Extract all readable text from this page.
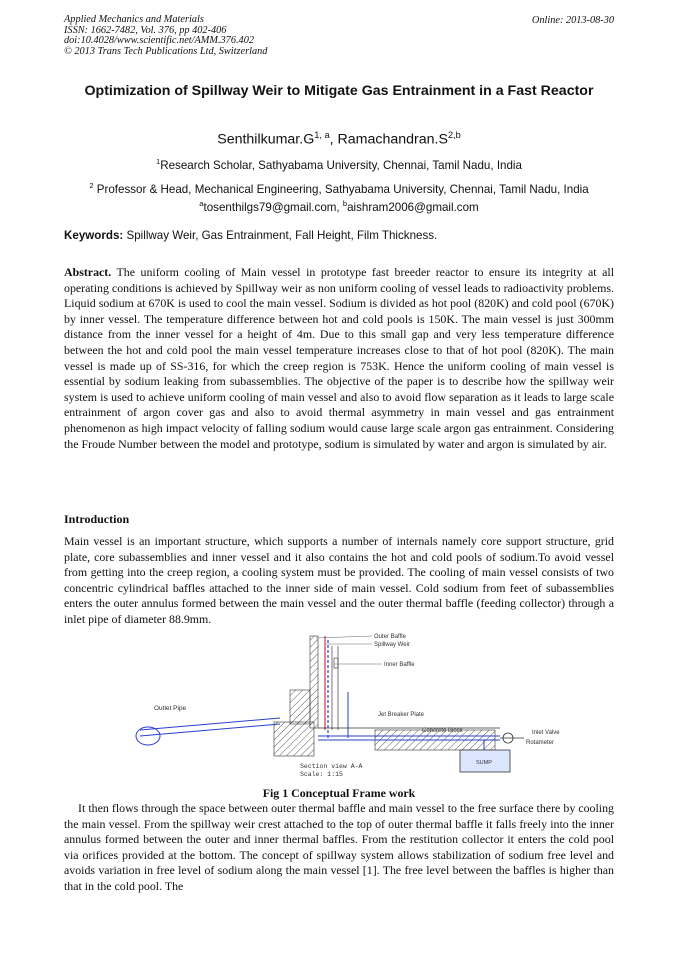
Applied Mechanics and Materials
ISSN: 1662-7482, Vol. 376, pp 402-406
doi:10.4028/www.scientific.net/AMM.376.402
© 2013 Trans Tech Publications Ltd, Switzerland
Online: 2013-08-30
Optimization of Spillway Weir to Mitigate Gas Entrainment in a Fast Reactor
$Senthilkumar.G^{1, a}$, $Ramachandran.S^{2,b}$
$^1$Research Scholar, Sathyabama University, Chennai, Tamil Nadu, India
$^2$ Professor & Head, Mechanical Engineering, Sathyabama University, Chennai, Tamil Nadu, India
$^a$tosenthilgs79@gmail.com, $^b$aishram2006@gmail.com
Keywords: Spillway Weir, Gas Entrainment, Fall Height, Film Thickness.
Abstract. The uniform cooling of Main vessel in prototype fast breeder reactor to ensure its integrity at all operating conditions is achieved by Spillway weir as non uniform cooling of vessel leads to radioactivity problems. Liquid sodium at 670K is used to cool the main vessel. Sodium is divided as hot pool (820K) and cold pool (670K) by inner vessel. The temperature difference between hot and cold pools is 150K. The main vessel is just 300mm distance from the inner vessel for a height of 4m. Due to this small gap and very less temperature difference between the hot and cold pool the main vessel temperature increases close to that of hot pool (820K). The main vessel is made up of SS-316, for which the creep region is 753K. Hence the uniform cooling of main vessel is essential by sodium leaking from subassemblies. The objective of the paper is to describe how the spillway weir system is used to achieve uniform cooling of main vessel and also to avoid flow separation as it leads to large scale entrainment of argon cover gas and also to avoid thermal asymmetry in main vessel and gas entrainment phenomenon as high impact velocity of falling sodium would cause large scale argon gas entrainment. Considering the Froude Number between the model and prototype, sodium is simulated by water and argon is simulated by air.
Introduction
Main vessel is an important structure, which supports a number of internals namely core support structure, grid plate, core subassemblies and inner vessel and it also contains the hot and cold pools of sodium.To avoid vessel from getting into the creep region, a cooling system must be provided. The cooling of main vessel consists of two concentric cylindrical baffles attached to the inner side of main vessel. Cold sodium from feet of subassemblies enters the outer annulus formed between the main vessel and the outer thermal baffle (feeding collector) through a inlet pipe of diameter 88.9mm.
Outer Baffle
Spillway Weir
Inner Baffle
Outlet Pipe
Jet Breaker Plate
Concrete Block	Inlet Valve
Rotameter
Section view A-A
Scale: 1:15
SUMP
Fig 1 Conceptual Frame work
It then flows through the space between outer thermal baffle and main vessel to the free surface there by cooling the main vessel. From the spillway weir crest attached to the top of outer thermal baffle it falls freely into the inner annulus formed between the outer and inner thermal baffles. From the restitution collector it enters the cold pool via orifices provided at the bottom. The concept of spillway system allows stabilization of sodium free level and avoids variation in free level of sodium along the main vessel [1]. The free level between the baffles is higher than that in the cold pool. The
